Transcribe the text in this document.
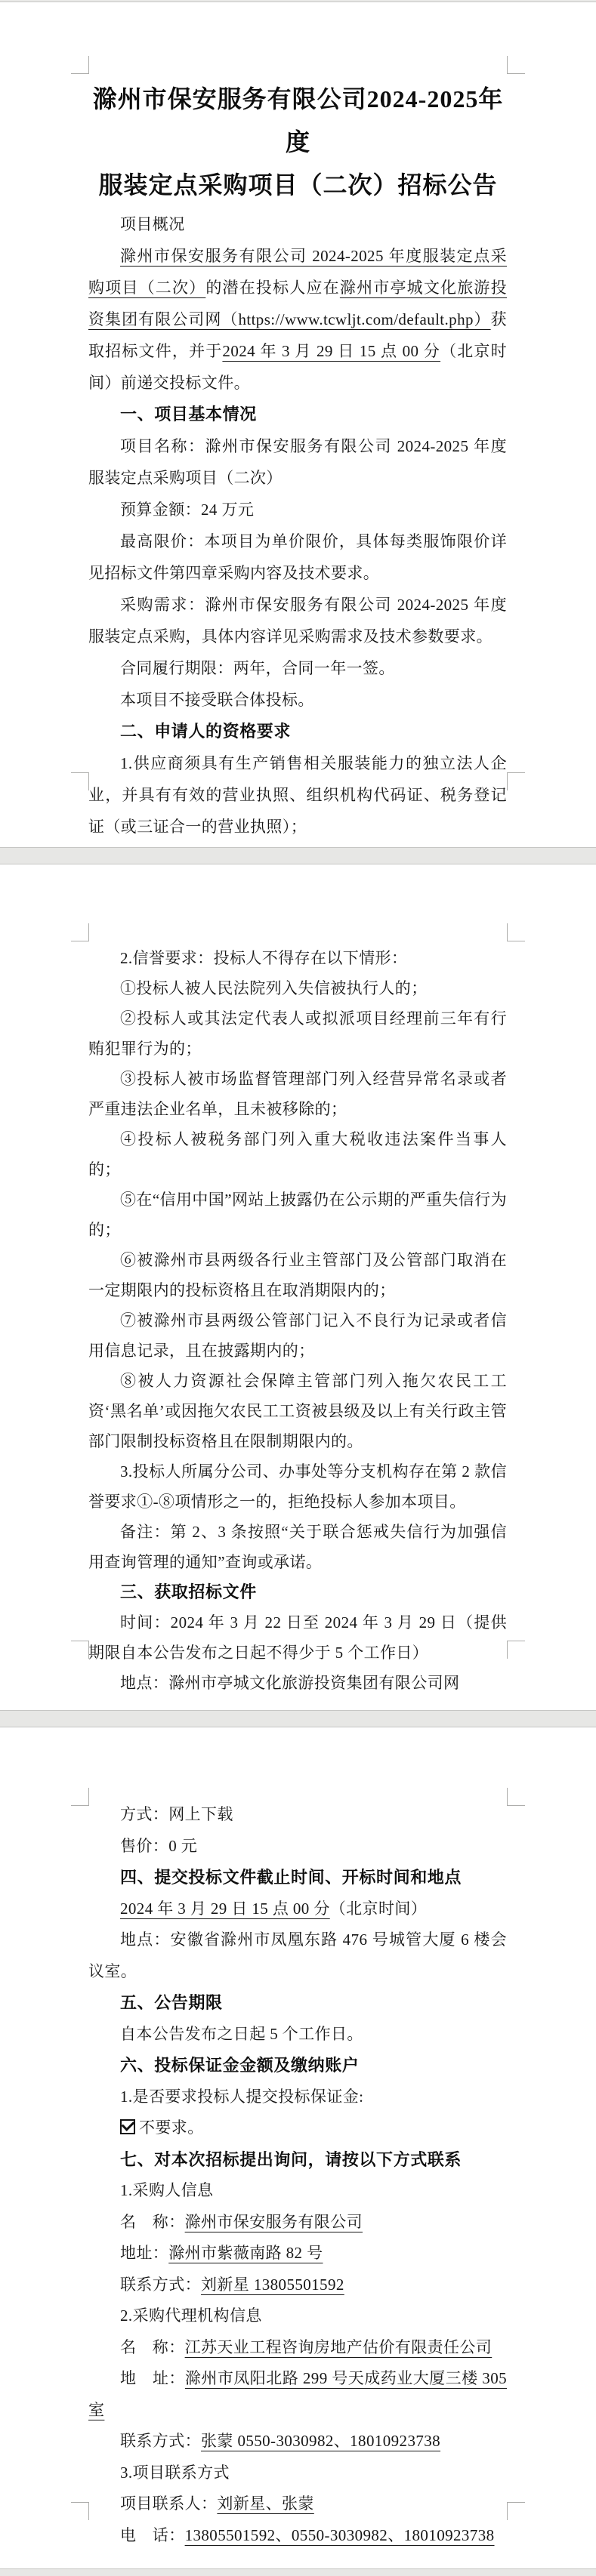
滁州市保安服务有限公司2024-2025年度
服装定点采购项目（二次）招标公告

项目概况

滁州市保安服务有限公司 2024-2025 年度服装定点采购项目（二次）的潜在投标人应在滁州市亭城文化旅游投资集团有限公司网（https://www.tcwljt.com/default.php）获取招标文件，并于2024 年 3 月 29 日 15 点 00 分（北京时间）前递交投标文件。

一、项目基本情况

项目名称：滁州市保安服务有限公司 2024-2025 年度服装定点采购项目（二次）

预算金额：24 万元

最高限价：本项目为单价限价，具体每类服饰限价详见招标文件第四章采购内容及技术要求。

采购需求：滁州市保安服务有限公司 2024-2025 年度服装定点采购，具体内容详见采购需求及技术参数要求。

合同履行期限：两年，合同一年一签。

本项目不接受联合体投标。

二、申请人的资格要求

1.供应商须具有生产销售相关服装能力的独立法人企业，并具有有效的营业执照、组织机构代码证、税务登记证（或三证合一的营业执照）；

2.信誉要求：投标人不得存在以下情形：

①投标人被人民法院列入失信被执行人的；

②投标人或其法定代表人或拟派项目经理前三年有行贿犯罪行为的；

③投标人被市场监督管理部门列入经营异常名录或者严重违法企业名单，且未被移除的；

④投标人被税务部门列入重大税收违法案件当事人的；

⑤在“信用中国”网站上披露仍在公示期的严重失信行为的；

⑥被滁州市县两级各行业主管部门及公管部门取消在一定期限内的投标资格且在取消期限内的；

⑦被滁州市县两级公管部门记入不良行为记录或者信用信息记录，且在披露期内的；

⑧被人力资源社会保障主管部门列入拖欠农民工工资‘黑名单’或因拖欠农民工工资被县级及以上有关行政主管部门限制投标资格且在限制期限内的。

3.投标人所属分公司、办事处等分支机构存在第 2 款信誉要求①-⑧项情形之一的，拒绝投标人参加本项目。

备注：第 2、3 条按照“关于联合惩戒失信行为加强信用查询管理的通知”查询或承诺。

三、获取招标文件

时间：2024 年 3 月 22 日至 2024 年 3 月 29 日（提供期限自本公告发布之日起不得少于 5 个工作日）

地点：滁州市亭城文化旅游投资集团有限公司网

方式：网上下载

售价：0 元

四、提交投标文件截止时间、开标时间和地点

2024 年 3 月 29 日 15 点 00 分（北京时间）

地点：安徽省滁州市凤凰东路 476 号城管大厦 6 楼会议室。

五、公告期限

自本公告发布之日起 5 个工作日。

六、投标保证金金额及缴纳账户

1.是否要求投标人提交投标保证金:

不要求。

七、对本次招标提出询问，请按以下方式联系

1.采购人信息

名　称：滁州市保安服务有限公司

地址：滁州市紫薇南路 82 号

联系方式：刘新星 13805501592

2.采购代理机构信息

名　称：江苏天业工程咨询房地产估价有限责任公司

地　址：滁州市凤阳北路 299 号天成药业大厦三楼 305 室

联系方式：张蒙 0550-3030982、18010923738

3.项目联系方式

项目联系人：刘新星、张蒙

电　话：13805501592、0550-3030982、18010923738
